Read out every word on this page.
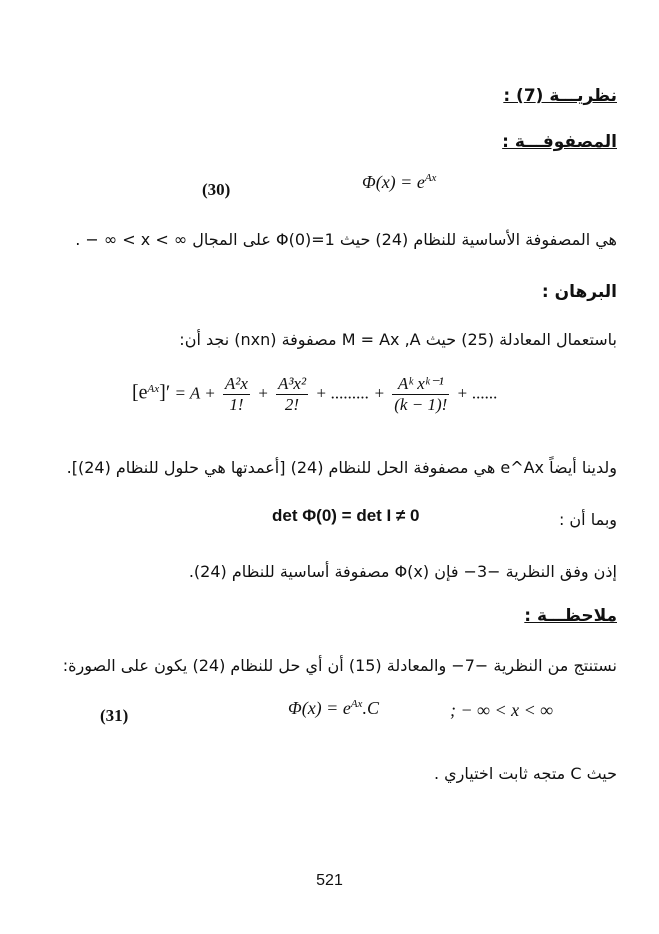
نظريـــة (7) :
المصفوفـــة :
(30)	$\Phi(x) = e^{Ax}$
هي المصفوفة الأساسية للنظام (24) حيث Φ(0)=1 على المجال ∞ > x > ∞ − .
البرهان :
باستعمال المعادلة (25) حيث M = Ax ,A مصفوفة (nxn) نجد أن:
$[e^{Ax}]' = A + \frac{\text{A²x}}{1!} + \frac{\text{A³x²}}{2!}$ + ......... + $\frac{\text{Aᵏ xᵏ⁻¹}}{(k - 1)!}$ + ......
ولدينا أيضاً e^Ax هي مصفوفة الحل للنظام (24) [أعمدتها هي حلول للنظام (24)].
وبما أن :
det Φ(0) = det I ≠ 0
إذن وفق النظرية −3− فإن Φ(x) مصفوفة أساسية للنظام (24).
ملاحظـــة :
نستنتج من النظرية −7− والمعادلة (15) أن أي حل للنظام (24) يكون على الصورة:
(31)	$\Phi(x) = e^{Ax}.C$	; − ∞ < x < ∞
حيث C متجه ثابت اختياري .
521
